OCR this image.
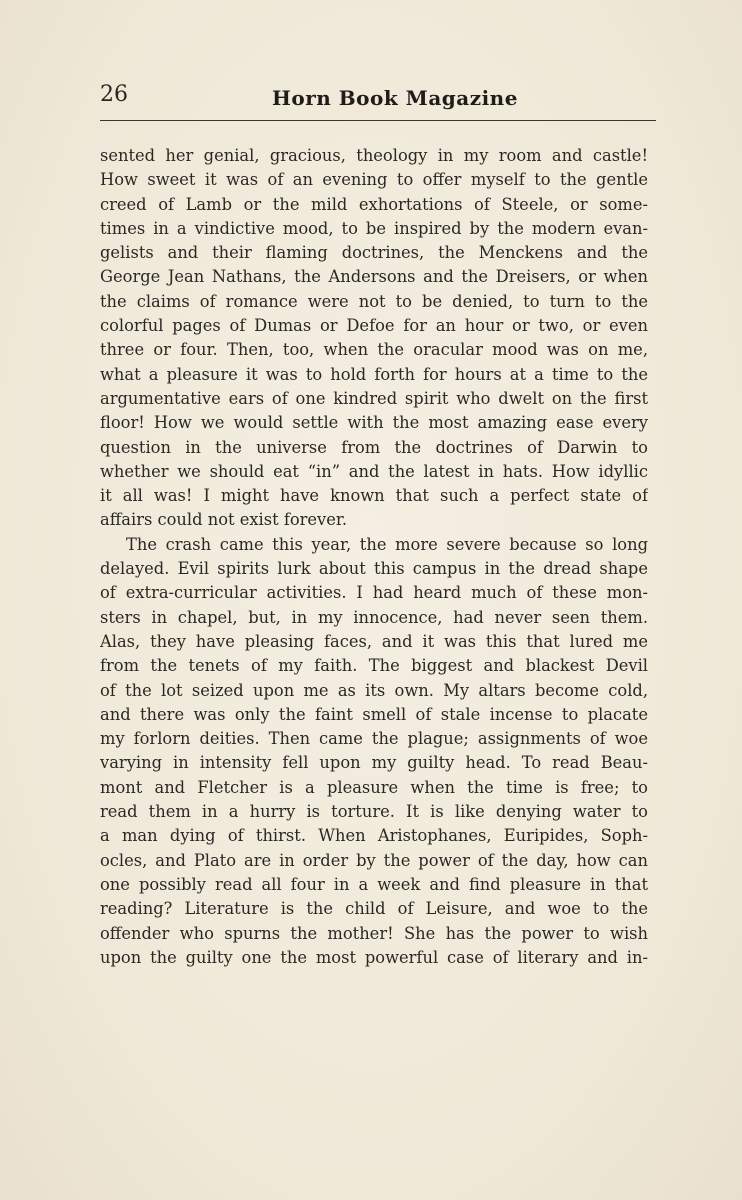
26	Horn Book Magazine
sented her genial, gracious, theology in my room and castle!
How sweet it was of an evening to offer myself to the gentle
creed of Lamb or the mild exhortations of Steele, or some-
times in a vindictive mood, to be inspired by the modern evan-
gelists and their flaming doctrines, the Menckens and the
George Jean Nathans, the Andersons and the Dreisers, or when
the claims of romance were not to be denied, to turn to the
colorful pages of Dumas or Defoe for an hour or two, or even
three or four. Then, too, when the oracular mood was on me,
what a pleasure it was to hold forth for hours at a time to the
argumentative ears of one kindred spirit who dwelt on the first
floor! How we would settle with the most amazing ease every
question in the universe from the doctrines of Darwin to
whether we should eat “in” and the latest in hats. How idyllic
it all was! I might have known that such a perfect state of
affairs could not exist forever.
The crash came this year, the more severe because so long
delayed. Evil spirits lurk about this campus in the dread shape
of extra-curricular activities. I had heard much of these mon-
sters in chapel, but, in my innocence, had never seen them.
Alas, they have pleasing faces, and it was this that lured me
from the tenets of my faith. The biggest and blackest Devil
of the lot seized upon me as its own. My altars become cold,
and there was only the faint smell of stale incense to placate
my forlorn deities. Then came the plague; assignments of woe
varying in intensity fell upon my guilty head. To read Beau-
mont and Fletcher is a pleasure when the time is free; to
read them in a hurry is torture. It is like denying water to
a man dying of thirst. When Aristophanes, Euripides, Soph-
ocles, and Plato are in order by the power of the day, how can
one possibly read all four in a week and find pleasure in that
reading? Literature is the child of Leisure, and woe to the
offender who spurns the mother! She has the power to wish
upon the guilty one the most powerful case of literary and in-
